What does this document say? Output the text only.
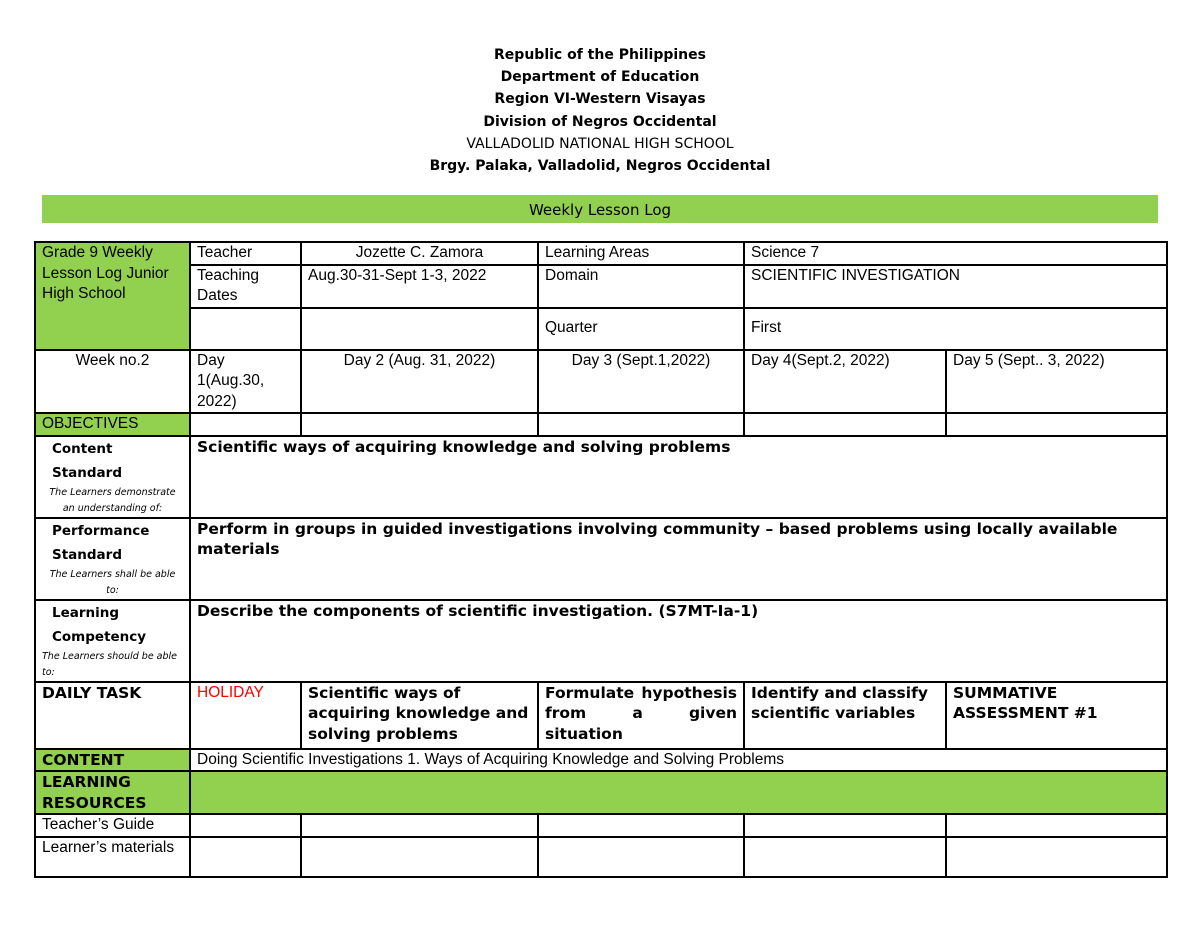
Republic of the Philippines
Department of Education
Region VI-Western Visayas
Division of Negros Occidental
VALLADOLID NATIONAL HIGH SCHOOL
Brgy. Palaka, Valladolid, Negros Occidental
Weekly Lesson Log
Grade 9 Weekly Lesson Log Junior High School	Teacher	Jozette C. Zamora	Learning Areas	Science 7	
	Teaching Dates	Aug.30-31-Sept 1-3, 2022	Domain	SCIENTIFIC INVESTIGATION	
			Quarter	First	
Week no.2	Day 1(Aug.30, 2022)	Day 2 (Aug. 31, 2022)	Day 3 (Sept.1,2022)	Day 4(Sept.2, 2022)	Day 5 (Sept.. 3, 2022)
OBJECTIVES					

Content Standard
The Learners demonstrate an understanding of:	Scientific ways of acquiring knowledge and solving problems				

Performance Standard
The Learners shall be able to:	Perform in groups in guided investigations involving community – based problems using locally available materials				

Learning Competency
The Learners should be able to:	Describe the components of scientific investigation. (S7MT-Ia-1)				
DAILY TASK	HOLIDAY	Scientific ways of acquiring knowledge and solving problems	Formulate hypothesis from a given situation	Identify and classify scientific variables	SUMMATIVE ASSESSMENT #1
CONTENT	Doing Scientific Investigations 1. Ways of Acquiring Knowledge and Solving Problems				
LEARNING RESOURCES					
Teacher’s Guide					
Learner’s materials					
